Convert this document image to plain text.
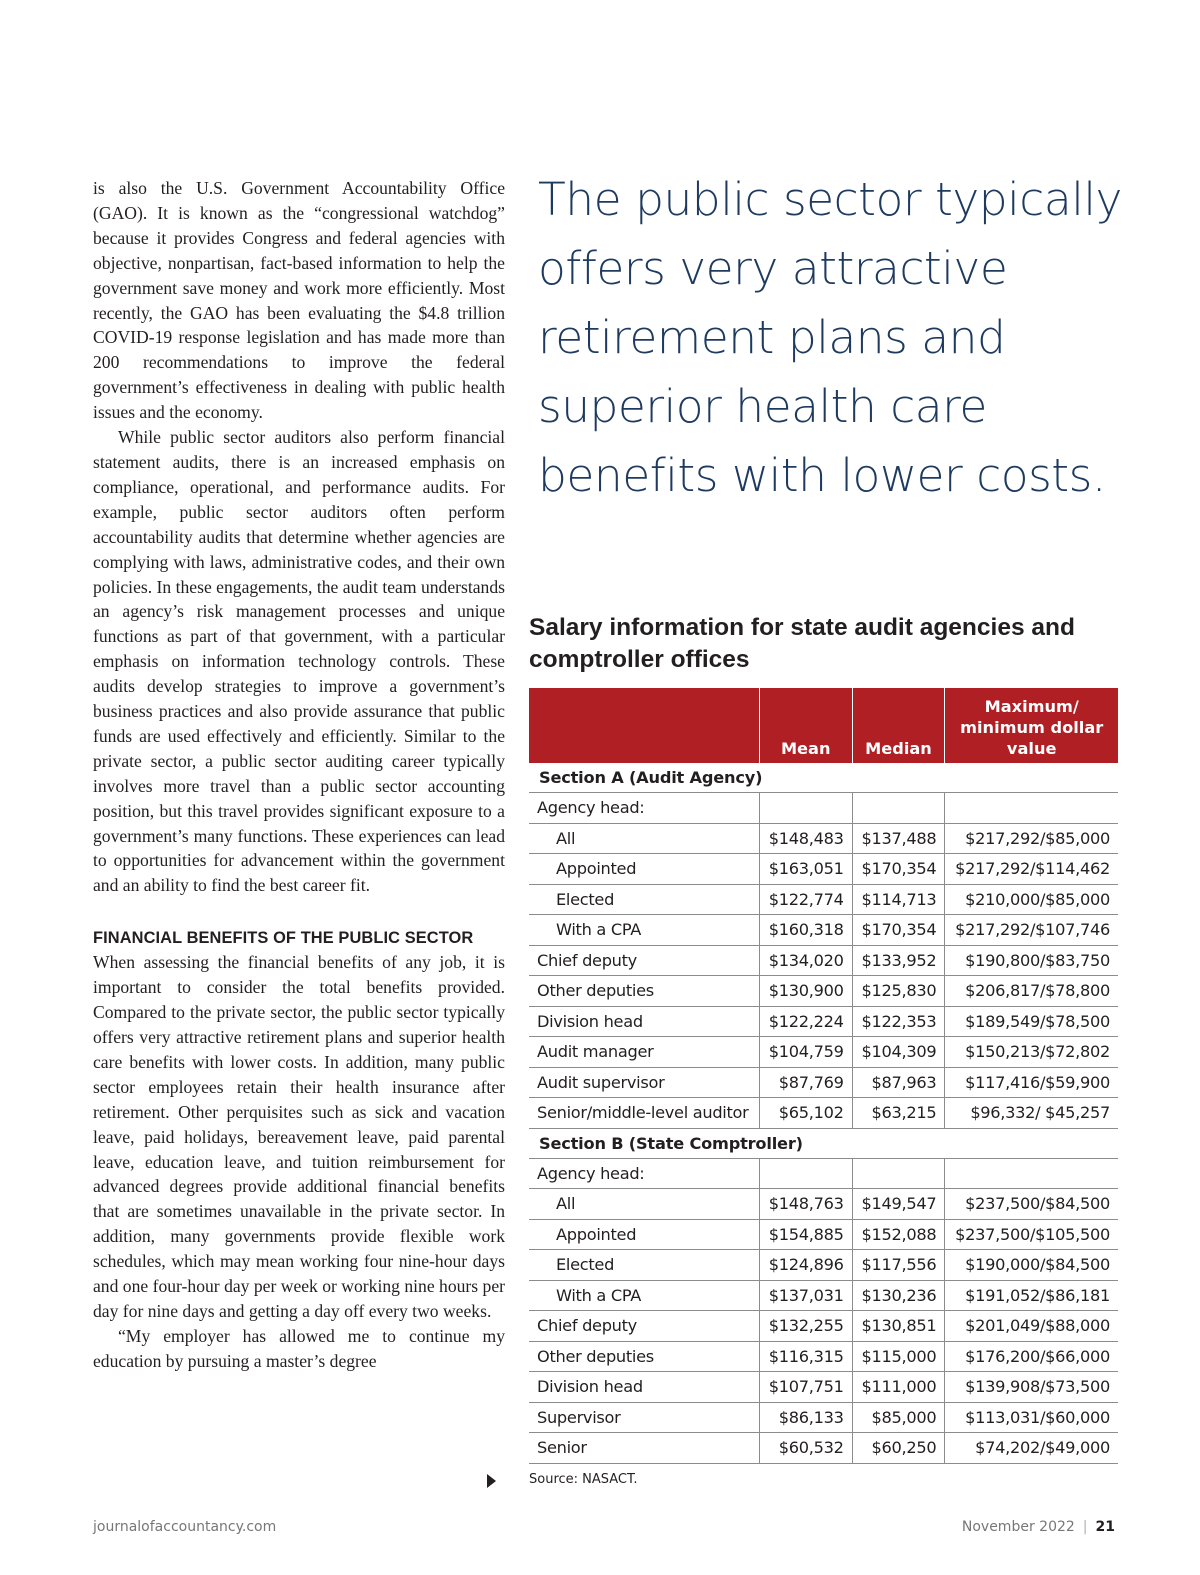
is also the U.S. Government Accountability Office (GAO). It is known as the “congressional watchdog” because it provides Congress and federal agencies with objective, nonpartisan, fact-based information to help the government save money and work more efficiently. Most recently, the GAO has been evaluating the $4.8 trillion COVID-19 response legislation and has made more than 200 recommendations to improve the federal government’s effectiveness in dealing with public health issues and the economy.

While public sector auditors also perform financial statement audits, there is an increased emphasis on compliance, operational, and performance audits. For example, public sector auditors often perform accountability audits that determine whether agencies are complying with laws, administrative codes, and their own policies. In these engagements, the audit team understands an agency’s risk management processes and unique functions as part of that government, with a particular emphasis on information technology controls. These audits develop strategies to improve a government’s business practices and also provide assurance that public funds are used effectively and efficiently. Similar to the private sector, a public sector auditing career typically involves more travel than a public sector accounting position, but this travel provides significant exposure to a government’s many functions. These experiences can lead to opportunities for advancement within the government and an ability to find the best career fit.

FINANCIAL BENEFITS OF THE PUBLIC SECTOR

When assessing the financial benefits of any job, it is important to consider the total benefits provided. Compared to the private sector, the public sector typically offers very attractive retirement plans and superior health care benefits with lower costs. In addition, many public sector employees retain their health insurance after retirement. Other perquisites such as sick and vacation leave, paid holidays, bereavement leave, paid parental leave, education leave, and tuition reimbursement for advanced degrees provide additional financial benefits that are sometimes unavailable in the private sector. In addition, many governments provide flexible work schedules, which may mean working four nine-hour days and one four-hour day per week or working nine hours per day for nine days and getting a day off every two weeks.

“My employer has allowed me to continue my education by pursuing a master’s degree

The public sector typically offers very attractive retirement plans and superior health care benefits with lower costs.
Salary information for state audit agencies and comptroller offices
	Mean	Median	Maximum/ minimum dollar value
Section A (Audit Agency)			
Agency head:			
All	$148,483	$137,488	$217,292/$85,000
Appointed	$163,051	$170,354	$217,292/$114,462
Elected	$122,774	$114,713	$210,000/$85,000
With a CPA	$160,318	$170,354	$217,292/$107,746
Chief deputy	$134,020	$133,952	$190,800/$83,750
Other deputies	$130,900	$125,830	$206,817/$78,800
Division head	$122,224	$122,353	$189,549/$78,500
Audit manager	$104,759	$104,309	$150,213/$72,802
Audit supervisor	$87,769	$87,963	$117,416/$59,900
Senior/middle-level auditor	$65,102	$63,215	$96,332/ $45,257
Section B (State Comptroller)			
Agency head:			
All	$148,763	$149,547	$237,500/$84,500
Appointed	$154,885	$152,088	$237,500/$105,500
Elected	$124,896	$117,556	$190,000/$84,500
With a CPA	$137,031	$130,236	$191,052/$86,181
Chief deputy	$132,255	$130,851	$201,049/$88,000
Other deputies	$116,315	$115,000	$176,200/$66,000
Division head	$107,751	$111,000	$139,908/$73,500
Supervisor	$86,133	$85,000	$113,031/$60,000
Senior	$60,532	$60,250	$74,202/$49,000
Source: NASACT.
journalofaccountancy.com	November 2022 | 21
